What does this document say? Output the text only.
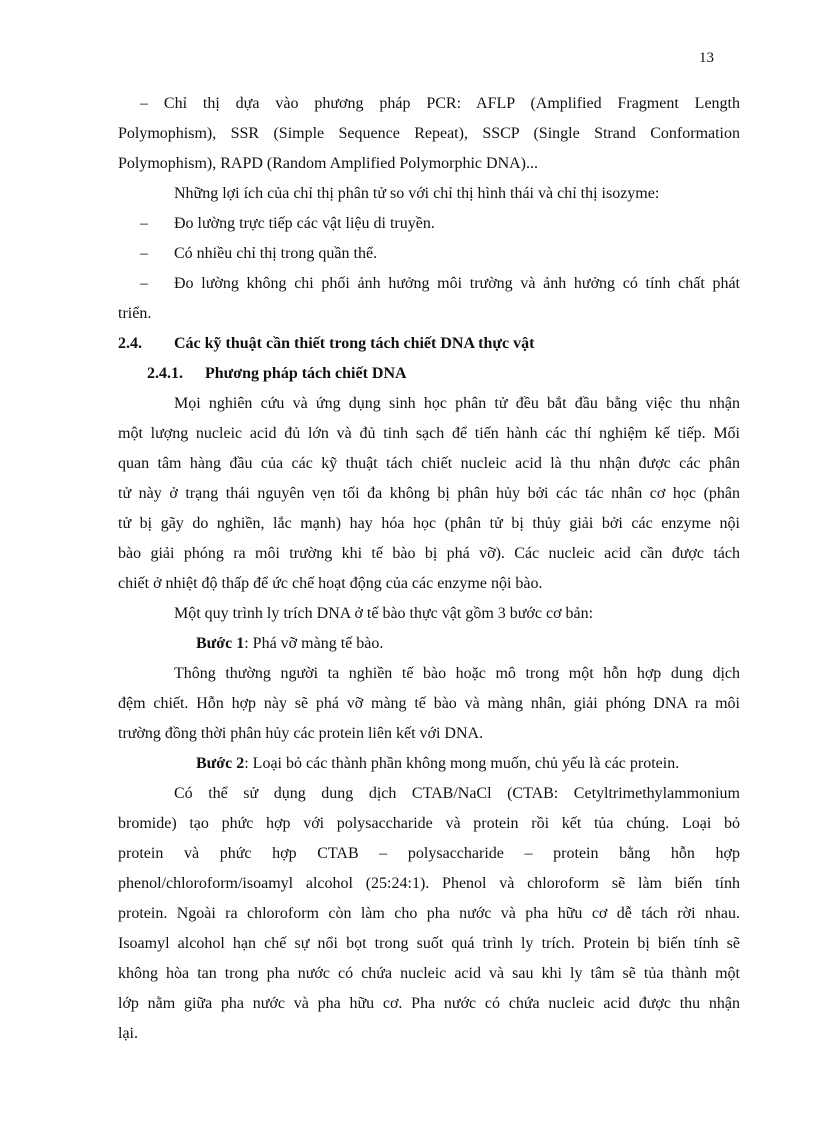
13

– Chỉ thị dựa vào phương pháp PCR: AFLP (Amplified Fragment Length

Polymophism), SSR (Simple Sequence Repeat), SSCP (Single Strand Conformation

Polymophism), RAPD (Random Amplified Polymorphic DNA)...

Những lợi ích của chỉ thị phân tử so với chỉ thị hình thái và chỉ thị isozyme:

– Đo lường trực tiếp các vật liệu di truyền.

– Có nhiều chỉ thị trong quần thể.

– Đo lường không chi phối ảnh hưởng môi trường và ảnh hưởng có tính chất phát

triển.

2.4.	Các kỹ thuật cần thiết trong tách chiết DNA thực vật
2.4.1.	Phương pháp tách chiết DNA

Mọi nghiên cứu và ứng dụng sinh học phân tử đều bắt đầu bằng việc thu nhận

một lượng nucleic acid đủ lớn và đủ tinh sạch để tiến hành các thí nghiệm kế tiếp. Mối

quan tâm hàng đầu của các kỹ thuật tách chiết nucleic acid là thu nhận được các phân

tử này ở trạng thái nguyên vẹn tối đa không bị phân hủy bởi các tác nhân cơ học (phân

tử bị gãy do nghiền, lắc mạnh) hay hóa học (phân tử bị thủy giải bởi các enzyme nội

bào giải phóng ra môi trường khi tế bào bị phá vỡ). Các nucleic acid cần được tách

chiết ở nhiệt độ thấp để ức chế hoạt động của các enzyme nội bào.

Một quy trình ly trích DNA ở tế bào thực vật gồm 3 bước cơ bản:

Bước 1: Phá vỡ màng tế bào.

Thông thường người ta nghiền tế bào hoặc mô trong một hỗn hợp dung dịch

đệm chiết. Hỗn hợp này sẽ phá vỡ màng tế bào và màng nhân, giải phóng DNA ra môi

trường đồng thời phân hủy các protein liên kết với DNA.

Bước 2: Loại bỏ các thành phần không mong muốn, chủ yếu là các protein.

Có thể sử dụng dung dịch CTAB/NaCl (CTAB: Cetyltrimethylammonium

bromide) tạo phức hợp với polysaccharide và protein rồi kết tủa chúng. Loại bỏ

protein và phức hợp CTAB – polysaccharide – protein bằng hỗn hợp

phenol/chloroform/isoamyl alcohol (25:24:1). Phenol và chloroform sẽ làm biến tính

protein. Ngoài ra chloroform còn làm cho pha nước và pha hữu cơ dễ tách rời nhau.

Isoamyl alcohol hạn chế sự nổi bọt trong suốt quá trình ly trích. Protein bị biến tính sẽ

không hòa tan trong pha nước có chứa nucleic acid và sau khi ly tâm sẽ tủa thành một

lớp nằm giữa pha nước và pha hữu cơ. Pha nước có chứa nucleic acid được thu nhận

lại.
